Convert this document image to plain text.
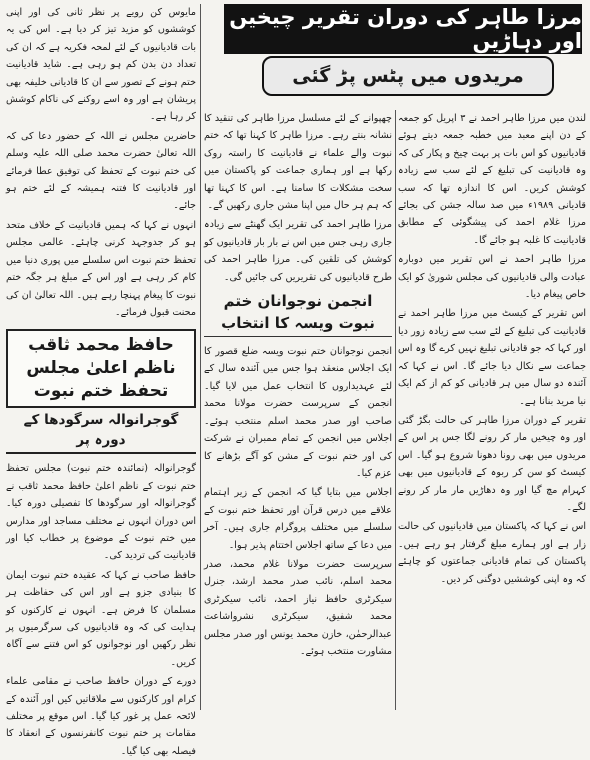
مرزا طاہر کی دوران تقریر چیخیں اور دہاڑیں
مریدوں میں پٹس پڑ گئی

لندن میں مرزا طاہر احمد نے ۳ اپریل کو جمعہ کے دن اپنے معبد میں خطبہ جمعہ دیتے ہوئے قادیانیوں کو اس بات پر بہت چیخ و پکار کی کہ وہ قادیانیت کی تبلیغ کے لئے سب سے زیادہ کوشش کریں۔ اس کا اندازہ تھا کہ سب قادیانی ۱۹۸۹ء میں صد سالہ جشن کی بجائے مرزا غلام احمد کی پیشگوئی کے مطابق قادیانیت کا غلبہ ہو جائے گا۔

مرزا طاہر احمد نے اس تقریر میں دوبارہ عبادت والی قادیانیوں کی مجلس شوریٰ کو ایک خاص پیغام دیا۔

اس تقریر کے کیسٹ میں مرزا طاہر احمد نے قادیانیت کی تبلیغ کے لئے سب سے زیادہ زور دیا اور کہا کہ جو قادیانی تبلیغ نہیں کرے گا وہ اس جماعت سے نکال دیا جائے گا۔ اس نے کہا کہ آئندہ دو سال میں ہر قادیانی کو کم از کم ایک نیا مرید بنانا ہے۔

تقریر کے دوران مرزا طاہر کی حالت بگڑ گئی اور وہ چیخیں مار کر رونے لگا جس پر اس کے مریدوں میں بھی رونا دھونا شروع ہو گیا۔ اس کیسٹ کو سن کر ربوہ کے قادیانیوں میں بھی کہرام مچ گیا اور وہ دھاڑیں مار مار کر رونے لگے۔

اس نے کہا کہ پاکستان میں قادیانیوں کی حالت زار ہے اور ہمارے مبلغ گرفتار ہو رہے ہیں۔ پاکستان کی تمام قادیانی جماعتوں کو چاہئے کہ وہ اپنی کوششیں دوگنی کر دیں۔

چھپوانے کے لئے مسلسل مرزا طاہر کی تنقید کا نشانہ بنتے رہے۔ مرزا طاہر کا کہنا تھا کہ ختم نبوت والے علماء نے قادیانیت کا راستہ روک رکھا ہے اور ہماری جماعت کو پاکستان میں سخت مشکلات کا سامنا ہے۔ اس کا کہنا تھا کہ ہم ہر حال میں اپنا مشن جاری رکھیں گے۔

مرزا طاہر احمد کی تقریر ایک گھنٹے سے زیادہ جاری رہی جس میں اس نے بار بار قادیانیوں کو کوشش کی تلقین کی۔ مرزا طاہر احمد کی طرح قادیانیوں کی تقریریں کی جائیں گی۔

انجمن نوجوانان ختم نبوت ویسہ کا انتخاب

انجمن نوجوانان ختم نبوت ویسہ ضلع قصور کا ایک اجلاس منعقد ہوا جس میں آئندہ سال کے لئے عہدیداروں کا انتخاب عمل میں لایا گیا۔ انجمن کے سرپرست حضرت مولانا محمد صاحب اور صدر محمد اسلم منتخب ہوئے۔ اجلاس میں انجمن کے تمام ممبران نے شرکت کی اور ختم نبوت کے مشن کو آگے بڑھانے کا عزم کیا۔

اجلاس میں بتایا گیا کہ انجمن کے زیر اہتمام علاقے میں درس قرآن اور تحفظ ختم نبوت کے سلسلے میں مختلف پروگرام جاری ہیں۔ آخر میں دعا کے ساتھ اجلاس اختتام پذیر ہوا۔

سرپرست حضرت مولانا غلام محمد، صدر محمد اسلم، نائب صدر محمد ارشد، جنرل سیکرٹری حافظ نیاز احمد، نائب سیکرٹری محمد شفیق، سیکرٹری نشرواشاعت عبدالرحمٰن، خازن محمد یونس اور صدر مجلس مشاورت منتخب ہوئے۔

مایوس کن رویے پر نظر ثانی کی اور اپنی کوششوں کو مزید تیز کر دیا ہے۔ اس کی یہ بات قادیانیوں کے لئے لمحہ فکریہ ہے کہ ان کی تعداد دن بدن کم ہو رہی ہے۔ شاید قادیانیت ختم ہونے کے تصور سے ان کا قادیانی خلیفہ بھی پریشان ہے اور وہ اسے روکنے کی ناکام کوشش کر رہا ہے۔

حاضرین مجلس نے اللہ کے حضور دعا کی کہ اللہ تعالیٰ حضرت محمد صلی اللہ علیہ وسلم کی ختم نبوت کے تحفظ کی توفیق عطا فرمائے اور قادیانیت کا فتنہ ہمیشہ کے لئے ختم ہو جائے۔

انہوں نے کہا کہ ہمیں قادیانیت کے خلاف متحد ہو کر جدوجہد کرنی چاہئے۔ عالمی مجلس تحفظ ختم نبوت اس سلسلے میں پوری دنیا میں کام کر رہی ہے اور اس کے مبلغ ہر جگہ ختم نبوت کا پیغام پہنچا رہے ہیں۔ اللہ تعالیٰ ان کی محنت قبول فرمائے۔

حافظ محمد ثاقب ناظم اعلیٰ مجلس تحفظ ختم نبوت
گوجرانوالہ سرگودھا کے دورہ پر

گوجرانوالہ (نمائندہ ختم نبوت) مجلس تحفظ ختم نبوت کے ناظم اعلیٰ حافظ محمد ثاقب نے گوجرانوالہ اور سرگودھا کا تفصیلی دورہ کیا۔ اس دوران انہوں نے مختلف مساجد اور مدارس میں ختم نبوت کے موضوع پر خطاب کیا اور قادیانیت کی تردید کی۔

حافظ صاحب نے کہا کہ عقیدہ ختم نبوت ایمان کا بنیادی جزو ہے اور اس کی حفاظت ہر مسلمان کا فرض ہے۔ انہوں نے کارکنوں کو ہدایت کی کہ وہ قادیانیوں کی سرگرمیوں پر نظر رکھیں اور نوجوانوں کو اس فتنے سے آگاہ کریں۔

دورے کے دوران حافظ صاحب نے مقامی علماء کرام اور کارکنوں سے ملاقاتیں کیں اور آئندہ کے لائحہ عمل پر غور کیا گیا۔ اس موقع پر مختلف مقامات پر ختم نبوت کانفرنسوں کے انعقاد کا فیصلہ بھی کیا گیا۔
